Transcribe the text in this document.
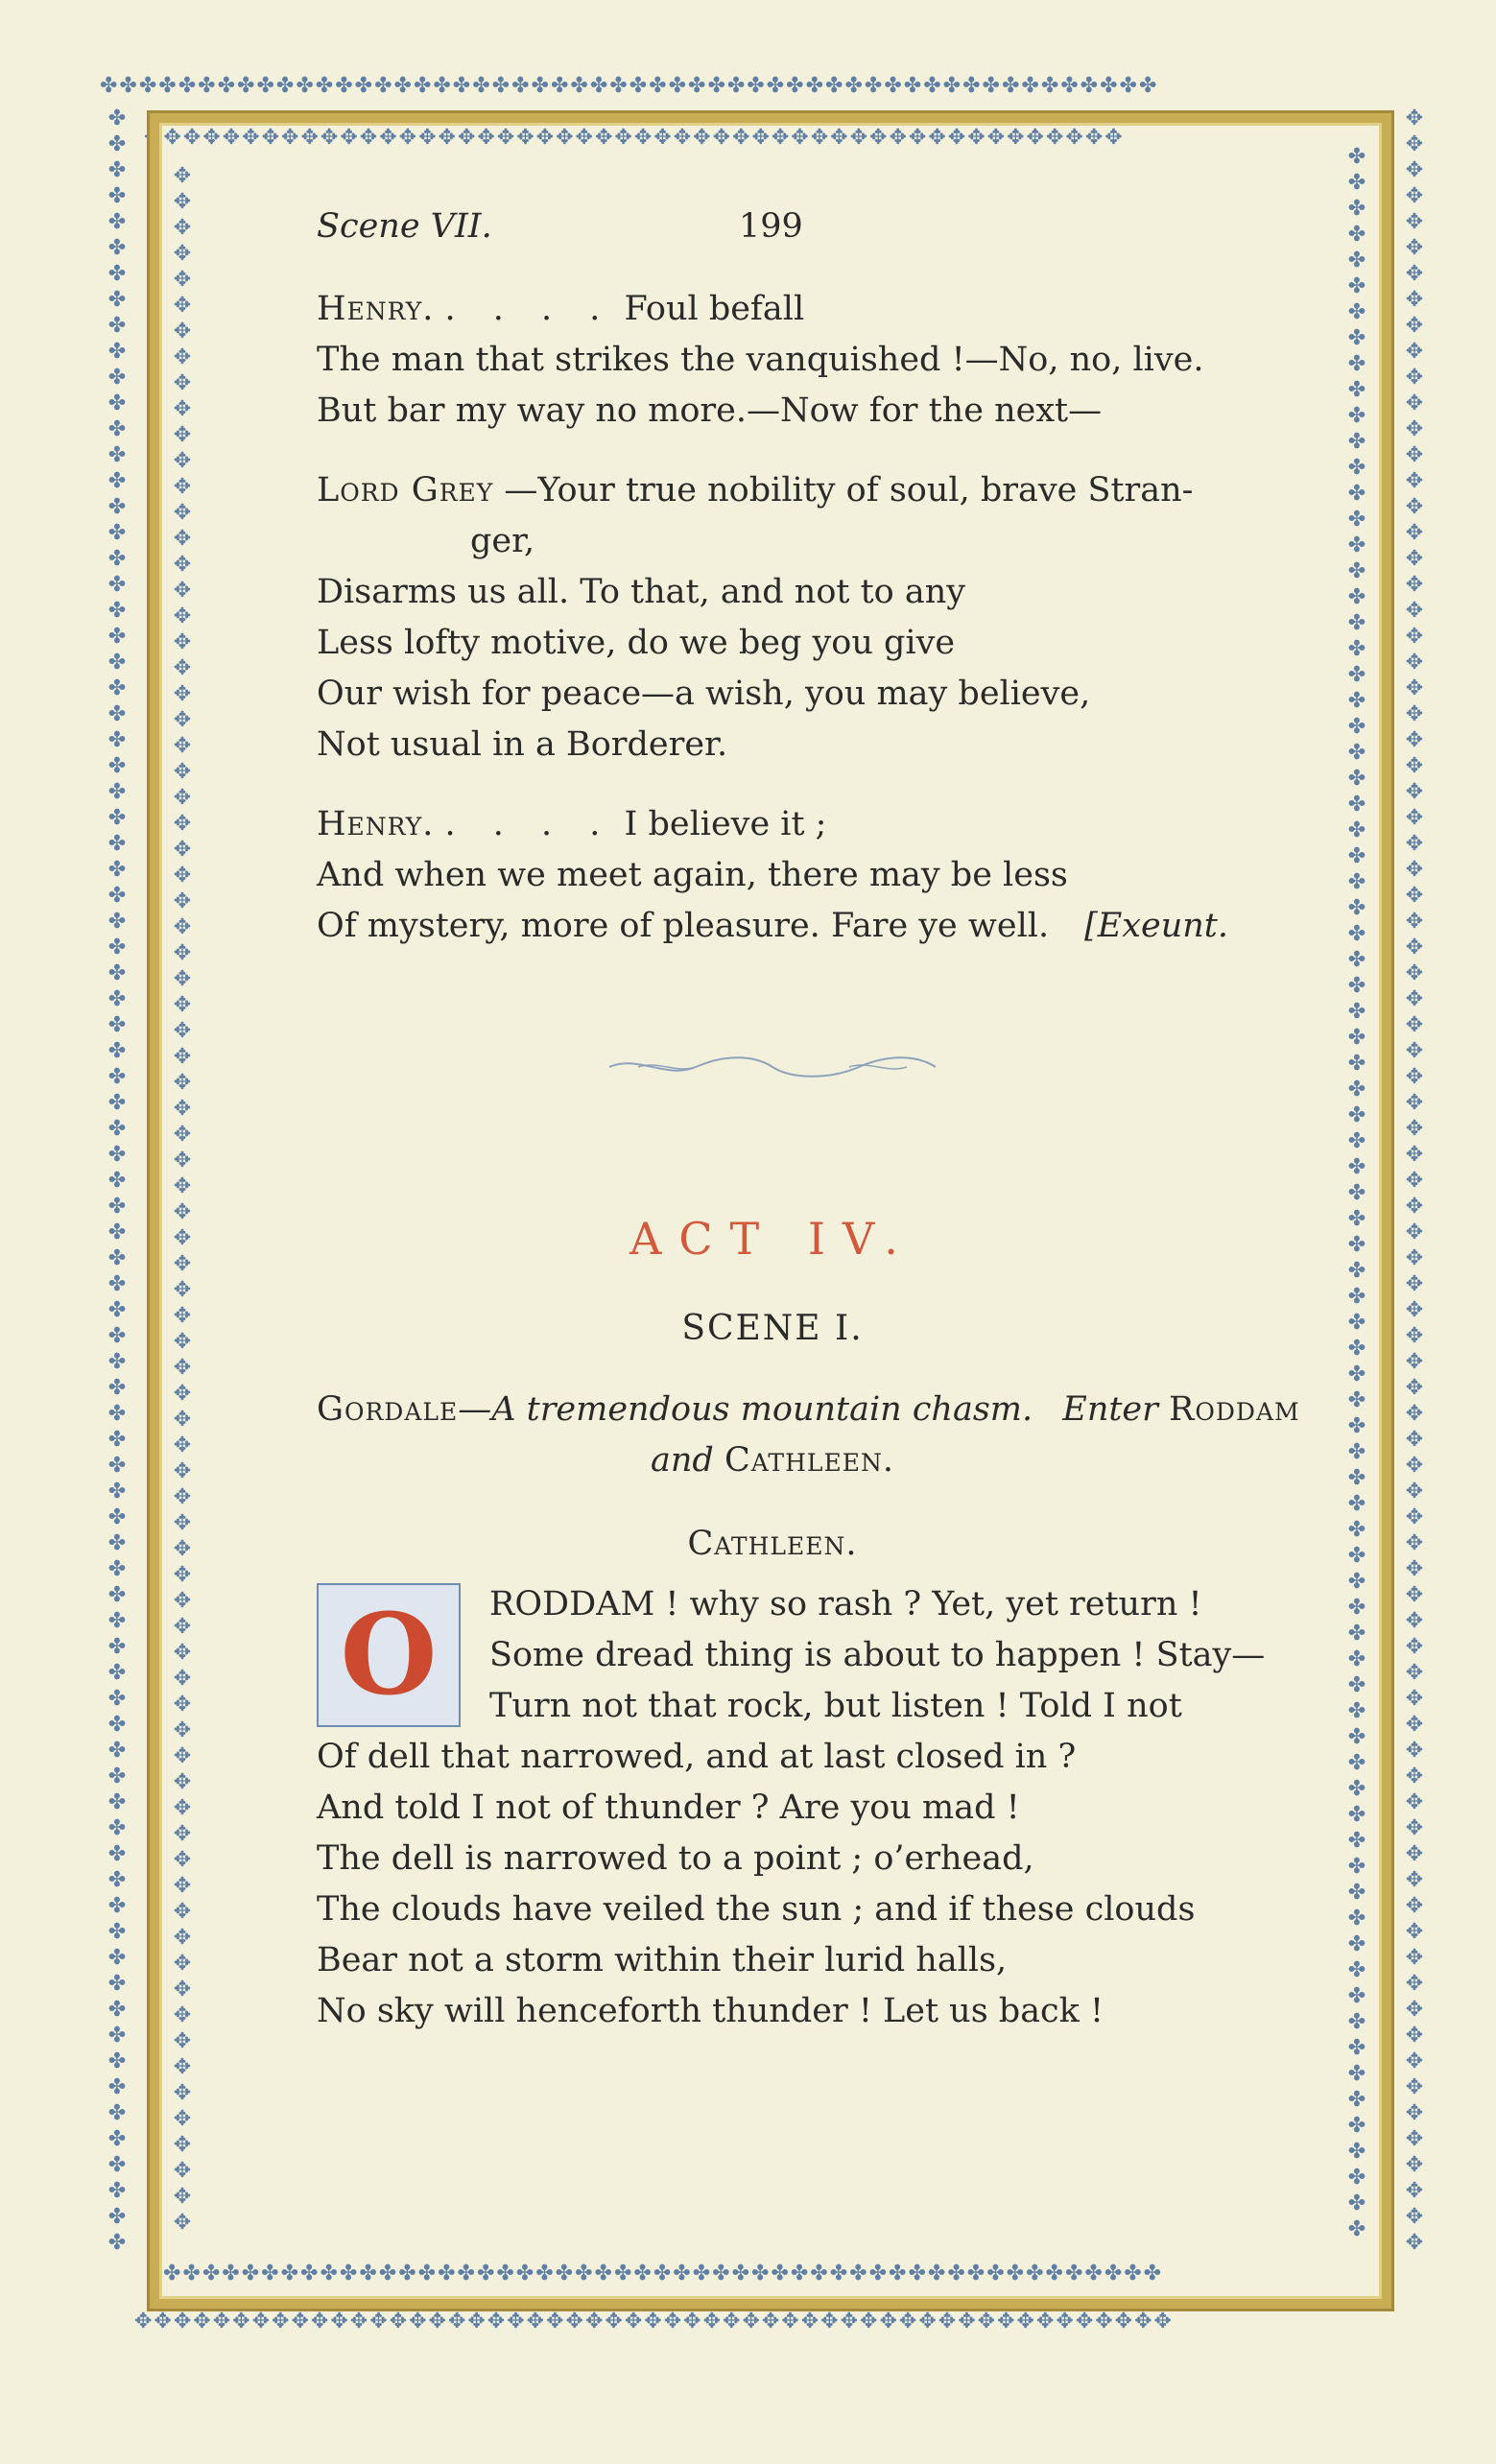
✤✤✤✤✤✤✤✤✤✤✤✤✤✤✤✤✤✤✤✤✤✤✤✤✤✤✤✤✤✤✤✤✤✤✤✤✤✤✤✤✤✤✤✤✤✤✤✤✤✤✤✤✤✤
✥✥✥✥✥✥✥✥✥✥✥✥✥✥✥✥✥✥✥✥✥✥✥✥✥✥✥✥✥✥✥✥✥✥✥✥✥✥✥✥✥✥✥✥✥✥✥✥✥✥
✤✤✤✤✤✤✤✤✤✤✤✤✤✤✤✤✤✤✤✤✤✤✤✤✤✤✤✤✤✤✤✤✤✤✤✤✤✤✤✤✤✤✤✤✤✤✤✤✤✤✤
✥✥✥✥✥✥✥✥✥✥✥✥✥✥✥✥✥✥✥✥✥✥✥✥✥✥✥✥✥✥✥✥✥✥✥✥✥✥✥✥✥✥✥✥✥✥✥✥✥✥✥✥✥
✤✤✤✤✤✤✤✤✤✤✤✤✤✤✤✤✤✤✤✤✤✤✤✤✤✤✤✤✤✤✤✤✤✤✤✤✤✤✤✤✤✤✤✤✤✤✤✤✤✤✤✤✤✤✤✤✤✤✤✤✤✤✤✤✤✤✤✤✤✤✤✤✤✤✤✤✤✤✤✤✤✤✤
✥✥✥✥✥✥✥✥✥✥✥✥✥✥✥✥✥✥✥✥✥✥✥✥✥✥✥✥✥✥✥✥✥✥✥✥✥✥✥✥✥✥✥✥✥✥✥✥✥✥✥✥✥✥✥✥✥✥✥✥✥✥✥✥✥✥✥✥✥✥✥✥✥✥✥✥✥✥✥✥
✤✤✤✤✤✤✤✤✤✤✤✤✤✤✤✤✤✤✤✤✤✤✤✤✤✤✤✤✤✤✤✤✤✤✤✤✤✤✤✤✤✤✤✤✤✤✤✤✤✤✤✤✤✤✤✤✤✤✤✤✤✤✤✤✤✤✤✤✤✤✤✤✤✤✤✤✤✤✤✤✤
✥✥✥✥✥✥✥✥✥✥✥✥✥✥✥✥✥✥✥✥✥✥✥✥✥✥✥✥✥✥✥✥✥✥✥✥✥✥✥✥✥✥✥✥✥✥✥✥✥✥✥✥✥✥✥✥✥✥✥✥✥✥✥✥✥✥✥✥✥✥✥✥✥✥✥✥✥✥✥✥✥✥✥
Scene VII.	199
Henry. . . . . Foul befall
The man that strikes the vanquished !—No, no, live.
But bar my way no more.—Now for the next—
Lord Grey —Your true nobility of soul, brave Stran-
ger,
Disarms us all. To that, and not to any
Less lofty motive, do we beg you give
Our wish for peace—a wish, you may believe,
Not usual in a Borderer.
Henry. . . . . I believe it ;
And when we meet again, there may be less
Of mystery, more of pleasure. Fare ye well. [Exeunt.
ACT IV.
SCENE I.
Gordale—A tremendous mountain chasm. Enter Roddam
and Cathleen.
Cathleen.
O	RODDAM ! why so rash ? Yet, yet return !
Some dread thing is about to happen ! Stay—
Turn not that rock, but listen ! Told I not
Of dell that narrowed, and at last closed in ?
And told I not of thunder ? Are you mad !
The dell is narrowed to a point ; o’erhead,
The clouds have veiled the sun ; and if these clouds
Bear not a storm within their lurid halls,
No sky will henceforth thunder ! Let us back !
